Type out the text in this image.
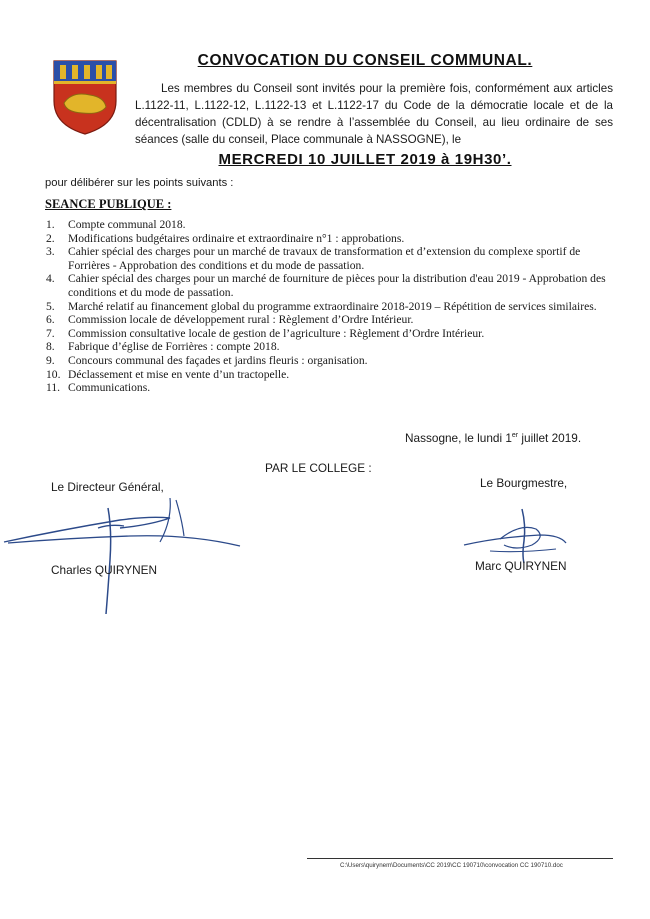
CONVOCATION DU CONSEIL COMMUNAL.
Les membres du Conseil sont invités pour la première fois, conformément aux articles L.1122-11, L.1122-12, L.1122-13 et L.1122-17 du Code de la démocratie locale et de la décentralisation (CDLD) à se rendre à l’assemblée du Conseil, au lieu ordinaire de ses séances (salle du conseil, Place communale à NASSOGNE), le
MERCREDI 10 JUILLET 2019 à 19H30’.
pour délibérer sur les points suivants :
SEANCE PUBLIQUE :
1.	Compte communal 2018.
2.	Modifications budgétaires ordinaire et extraordinaire n°1 : approbations.
3.	Cahier spécial des charges pour un marché de travaux de transformation et d’extension du complexe sportif de Forrières - Approbation des conditions et du mode de passation.
4.	Cahier spécial des charges pour un marché de fourniture de pièces pour la distribution d'eau 2019 - Approbation des conditions et du mode de passation.
5.	Marché relatif au financement global du programme extraordinaire 2018-2019 – Répétition de services similaires.
6.	Commission locale de développement rural : Règlement d’Ordre Intérieur.
7.	Commission consultative locale de gestion de l’agriculture : Règlement d’Ordre Intérieur.
8.	Fabrique d’église de Forrières : compte 2018.
9.	Concours communal des façades et jardins fleuris : organisation.
10. Déclassement et mise en vente d’un tractopelle.
11. Communications.
Nassogne, le lundi 1er juillet 2019.
PAR LE COLLEGE :
Le Directeur Général,	Le Bourgmestre,
Charles QUIRYNEN	Marc QUIRYNEN
C:\Users\quirynem\Documents\CC 2019\CC 190710\convocation CC 190710.doc
